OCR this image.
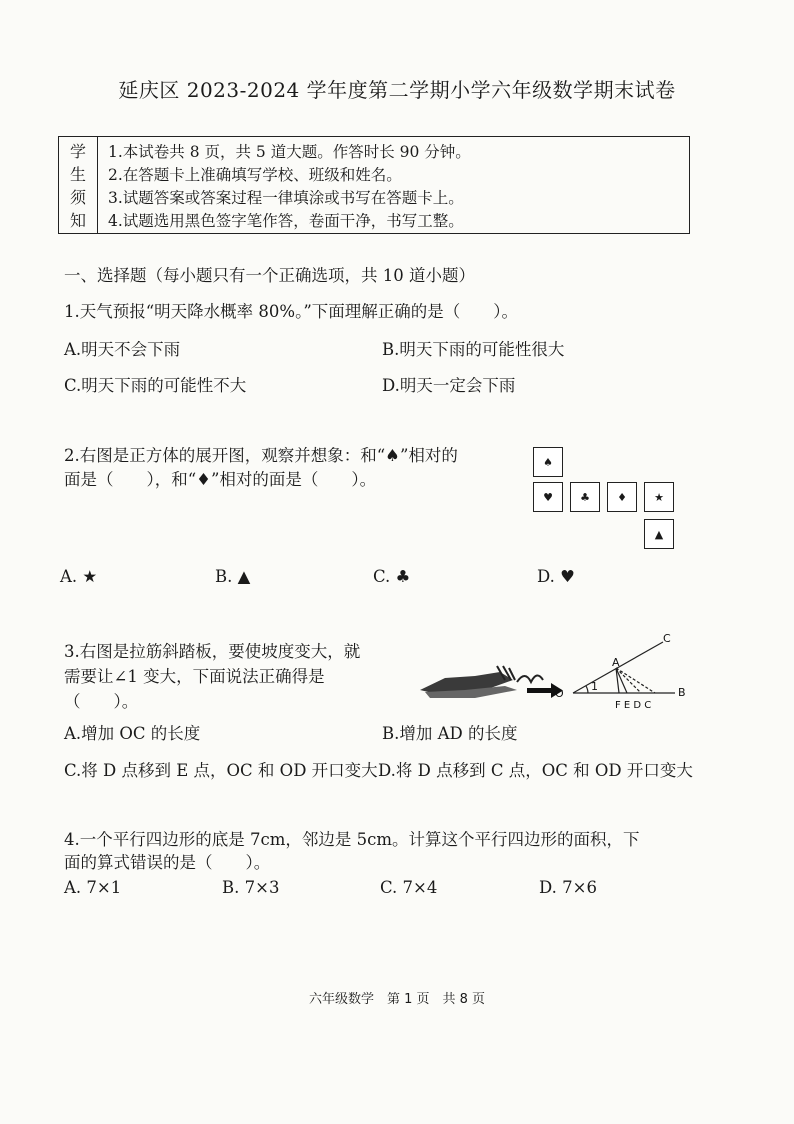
延庆区 2023-2024 学年度第二学期小学六年级数学期末试卷
学
生
须
知
1.本试卷共 8 页，共 5 道大题。作答时长 90 分钟。
2.在答题卡上准确填写学校、班级和姓名。
3.试题答案或答案过程一律填涂或书写在答题卡上。
4.试题选用黑色签字笔作答，卷面干净，书写工整。
一、选择题（每小题只有一个正确选项，共 10 道小题）
1.天气预报“明天降水概率 80%。”下面理解正确的是（　　）。
A.明天不会下雨	B.明天下雨的可能性很大
C.明天下雨的可能性不大	D.明天一定会下雨
2.右图是正方体的展开图，观察并想象：和“♠”相对的
面是（　　），和“♦”相对的面是（　　）。
♠
♥	♣	♦	★
▲
A. ★	B. ▲	C. ♣	D. ♥
3.右图是拉筋斜踏板，要使坡度变大，就
需要让∠1 变大，下面说法正确得是
（　　）。	O
A
B
C
1
F E D C
A.增加 OC 的长度	B.增加 AD 的长度
C.将 D 点移到 E 点，OC 和 OD 开口变大 D.将 D 点移到 C 点，OC 和 OD 开口变大
4.一个平行四边形的底是 7cm，邻边是 5cm。计算这个平行四边形的面积，下
面的算式错误的是（　　）。
A. 7×1	B. 7×3	C. 7×4	D. 7×6
六年级数学　第 1 页　共 8 页
